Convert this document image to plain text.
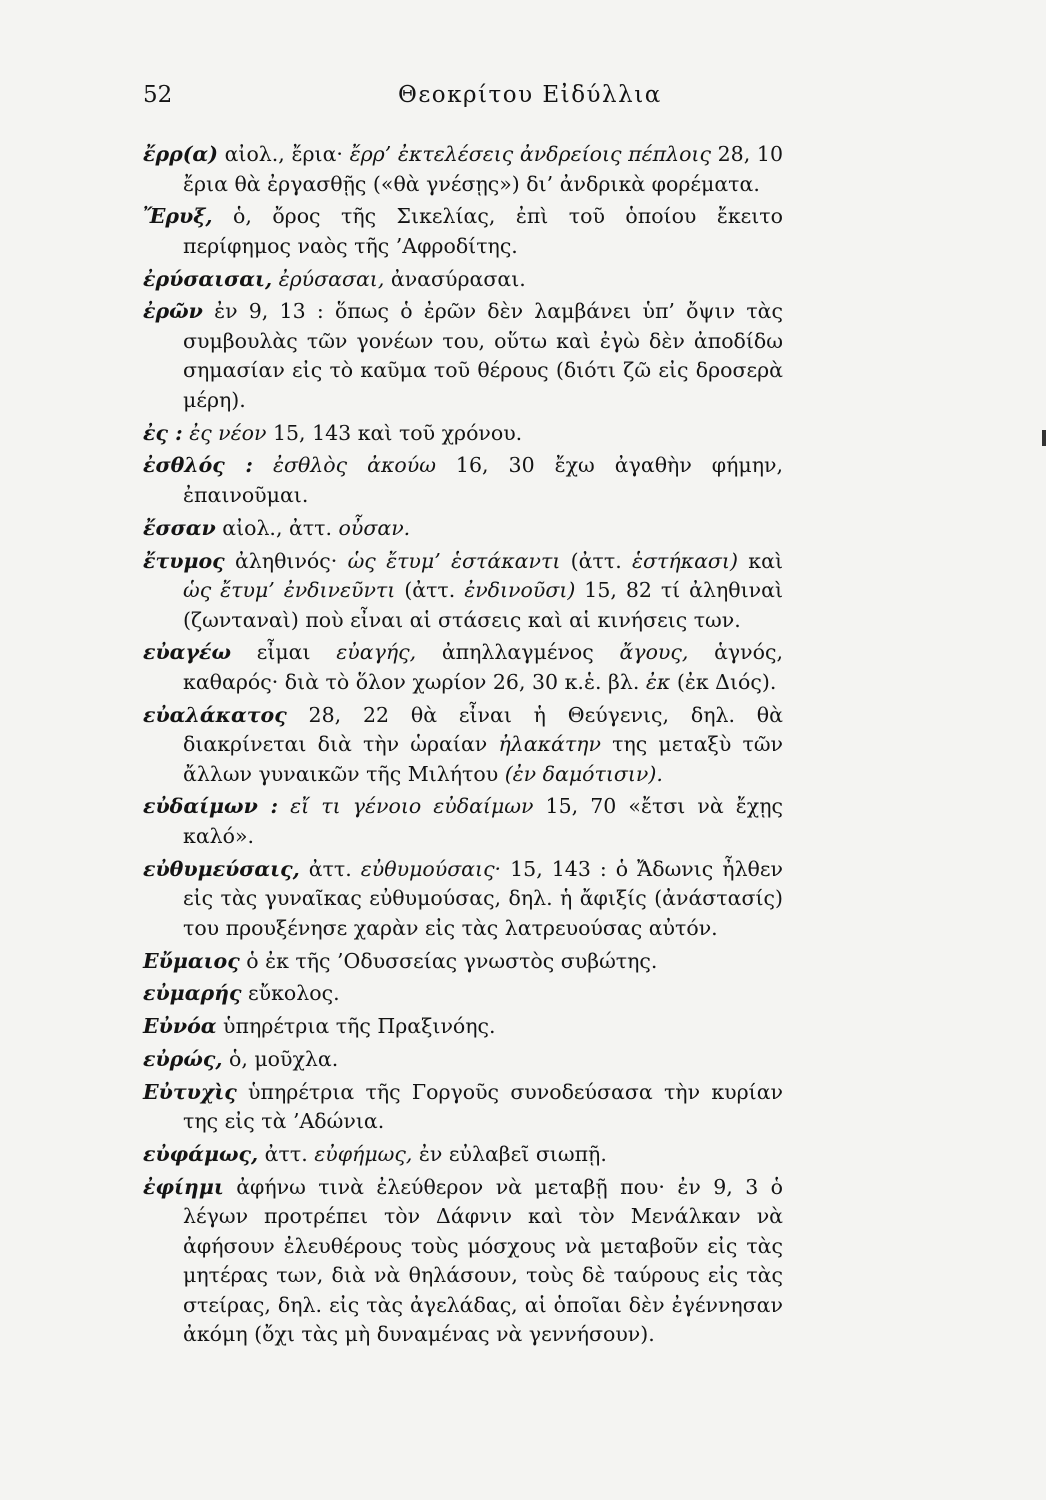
52	Θεοκρίτου Εἰδύλλια

ἔρρ(α) αἰολ., ἔρια· ἔρρ’ ἐκτελέσεις ἀνδρείοις πέπλοις 28, 10 ἔρια θὰ ἐργασθῇς («θὰ γνέσῃς») δι’ ἀνδρικὰ φορέματα.

Ἔρυξ, ὁ, ὄρος τῆς Σικελίας, ἐπὶ τοῦ ὁποίου ἔκειτο περίφημος ναὸς τῆς ’Αφροδίτης.

ἐρύσαισαι, ἐρύσασαι, ἀνασύρασαι.

ἐρῶν ἐν 9, 13 : ὅπως ὁ ἐρῶν δὲν λαμβάνει ὑπ’ ὄψιν τὰς συμβουλὰς τῶν γονέων του, οὕτω καὶ ἐγὼ δὲν ἀποδίδω σημασίαν εἰς τὸ καῦμα τοῦ θέρους (διότι ζῶ εἰς δροσερὰ μέρη).

ἐς : ἐς νέον 15, 143 καὶ τοῦ χρόνου.

ἐσθλός : ἐσθλὸς ἀκούω 16, 30 ἔχω ἀγαθὴν φήμην, ἐπαινοῦμαι.

ἔσσαν αἰολ., ἀττ. οὖσαν.

ἔτυμος ἀληθινός· ὡς ἔτυμ’ ἑστάκαντι (ἀττ. ἑστήκασι) καὶ ὡς ἔτυμ’ ἐνδινεῦντι (ἀττ. ἐνδινοῦσι) 15, 82 τί ἀληθιναὶ (ζωνταναὶ) ποὺ εἶναι αἱ στάσεις καὶ αἱ κινήσεις των.

εὐαγέω εἶμαι εὐαγής, ἀπηλλαγμένος ἄγους, ἁγνός, καθαρός· διὰ τὸ ὅλον χωρίον 26, 30 κ.ἑ. βλ. ἐκ (ἐκ Διός).

εὐαλάκατος 28, 22 θὰ εἶναι ἡ Θεύγενις, δηλ. θὰ διακρίνεται διὰ τὴν ὡραίαν ἠλακάτην της μεταξὺ τῶν ἄλλων γυναικῶν τῆς Μιλήτου (ἐν δαμότισιν).

εὐδαίμων : εἴ τι γένοιο εὐδαίμων 15, 70 «ἔτσι νὰ ἔχῃς καλό».

εὐθυμεύσαις, ἀττ. εὐθυμούσαις· 15, 143 : ὁ Ἄδωνις ἦλθεν εἰς τὰς γυναῖκας εὐθυμούσας, δηλ. ἡ ἄφιξίς (ἀνάστασίς) του προυξένησε χαρὰν εἰς τὰς λατρευούσας αὐτόν.

Εὔμαιος ὁ ἐκ τῆς ’Οδυσσείας γνωστὸς συβώτης.

εὐμαρής εὔκολος.

Εὐνόα ὑπηρέτρια τῆς Πραξινόης.

εὐρώς, ὁ, μοῦχλα.

Εὐτυχὶς ὑπηρέτρια τῆς Γοργοῦς συνοδεύσασα τὴν κυρίαν της εἰς τὰ ’Αδώνια.

εὐφάμως, ἀττ. εὐφήμως, ἐν εὐλαβεῖ σιωπῇ.

ἐφίημι ἀφήνω τινὰ ἐλεύθερον νὰ μεταβῇ που· ἐν 9, 3 ὁ λέγων προτρέπει τὸν Δάφνιν καὶ τὸν Μενάλκαν νὰ ἀφήσουν ἐλευθέρους τοὺς μόσχους νὰ μεταβοῦν εἰς τὰς μητέρας των, διὰ νὰ θηλάσουν, τοὺς δὲ ταύρους εἰς τὰς στείρας, δηλ. εἰς τὰς ἀγελάδας, αἱ ὁποῖαι δὲν ἐγέννησαν ἀκόμη (ὄχι τὰς μὴ δυναμένας νὰ γεννήσουν).
